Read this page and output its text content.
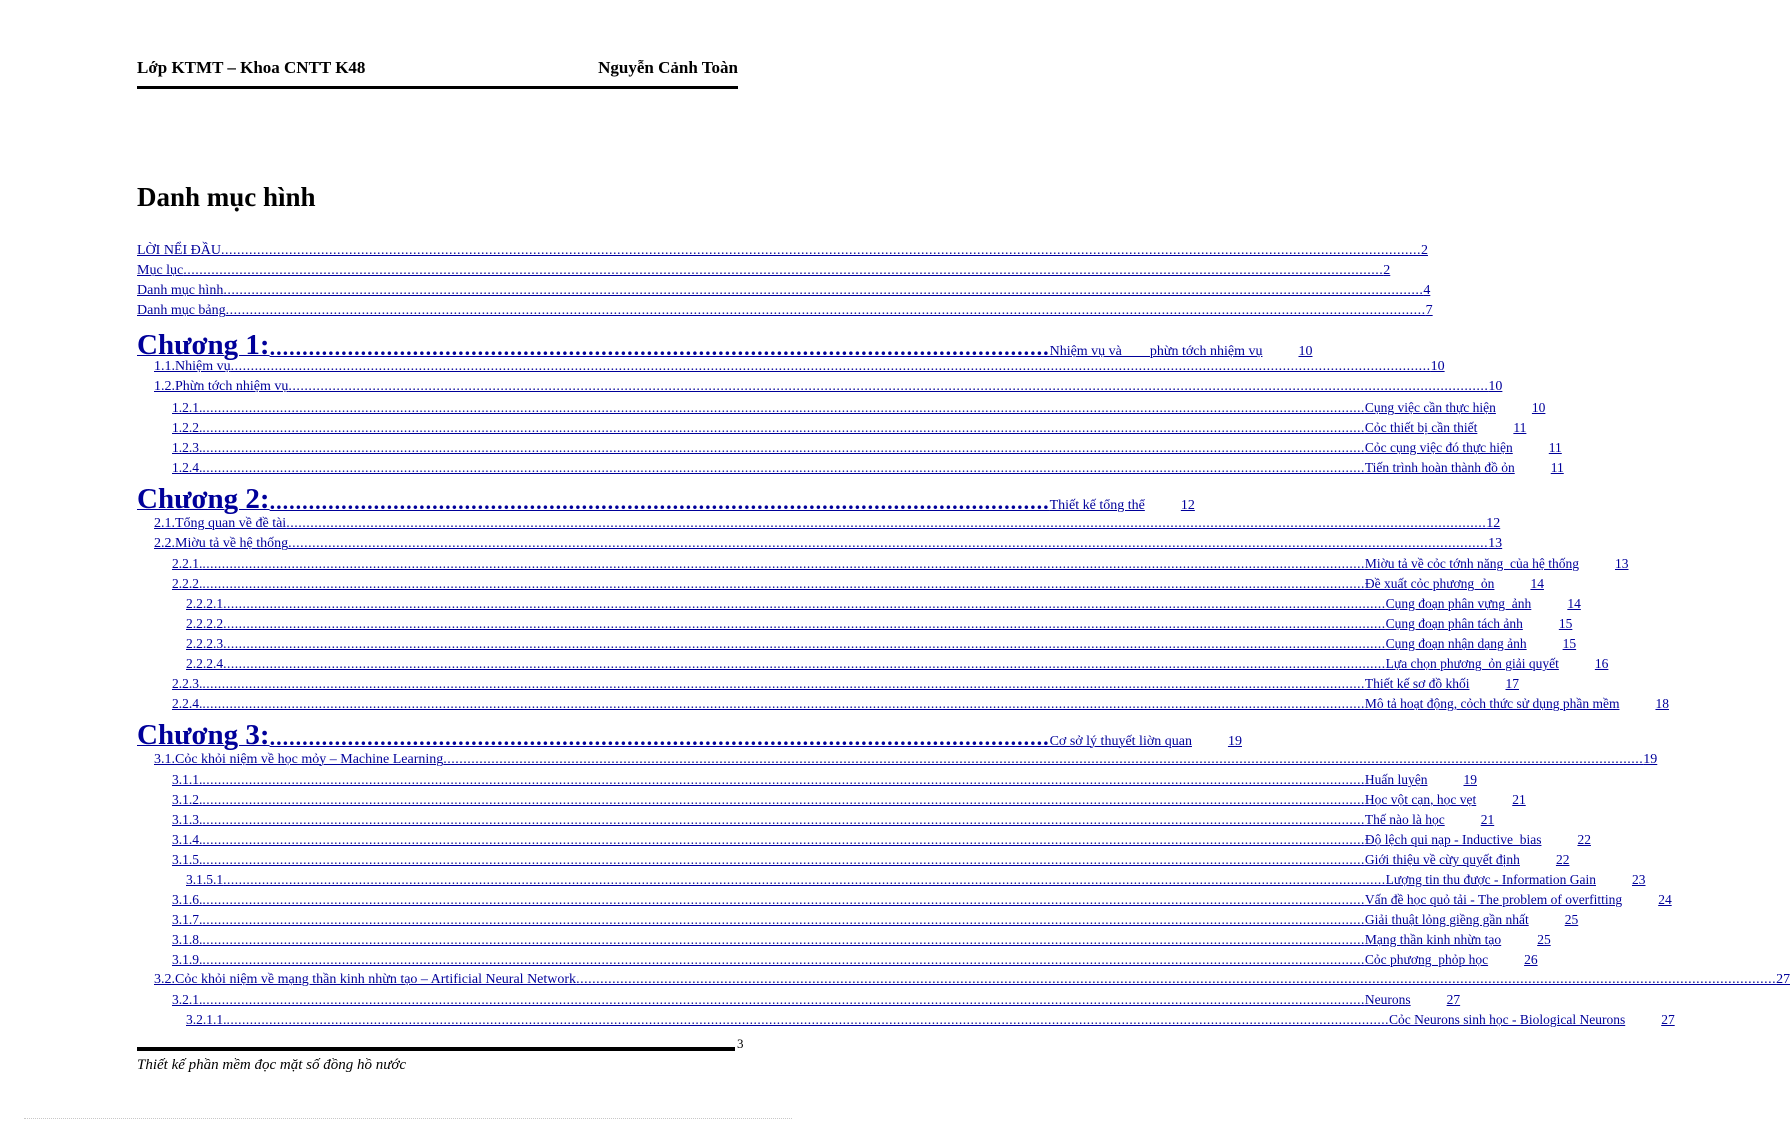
Lớp KTMT – Khoa CNTT K48	Nguyễn Cảnh Toàn
Danh mục hình
LỜI NỂI ĐẦU ............................................................................................................................................................................................................................................................................................................ 2
Mục lục ............................................................................................................................................................................................................................................................................................................ 2
Danh mục hình ............................................................................................................................................................................................................................................................................................................ 4
Danh mục bảng ............................................................................................................................................................................................................................................................................................................ 7
Chương 1: ........................................................................................................................ Nhiệm vụ và        phừn tớch nhiệm vụ	10
1.1.Nhiệm vụ ............................................................................................................................................................................................................................................................................................................ 10
1.2.Phừn tớch nhiệm vụ ............................................................................................................................................................................................................................................................................................................ 10
1.2.1. ............................................................................................................................................................................................................................................................................................................ Cụng việc cần thực hiện	10
1.2.2. ............................................................................................................................................................................................................................................................................................................ Cỏc thiết bị cần thiết	11
1.2.3. ............................................................................................................................................................................................................................................................................................................ Cỏc cụng việc đó thực hiện	11
1.2.4. ............................................................................................................................................................................................................................................................................................................ Tiến trình hoàn thành đồ ỏn	11
Chương 2: ........................................................................................................................ Thiết kế tổng thể	12
2.1.Tổng quan về đề tài ............................................................................................................................................................................................................................................................................................................ 12
2.2.Miờu tả về hệ thống ............................................................................................................................................................................................................................................................................................................ 13
2.2.1. ............................................................................................................................................................................................................................................................................................................ Miờu tả về cỏc tớnh năng  của hệ thống	13
2.2.2. ............................................................................................................................................................................................................................................................................................................ Đề xuất cỏc phương  ỏn	14
2.2.2.1 ............................................................................................................................................................................................................................................................................................................ Cụng đoạn phân vựng  ảnh	14
2.2.2.2 ............................................................................................................................................................................................................................................................................................................ Cụng đoạn phân tách ảnh	15
2.2.2.3 ............................................................................................................................................................................................................................................................................................................ Cụng đoạn nhận dạng ảnh	15
2.2.2.4 ............................................................................................................................................................................................................................................................................................................ Lựa chọn phương  ỏn giải quyết	16
2.2.3. ............................................................................................................................................................................................................................................................................................................ Thiết kế sơ đồ khối	17
2.2.4. ............................................................................................................................................................................................................................................................................................................ Mô tả hoạt động, cỏch thức sử dụng phần mềm	18
Chương 3: ........................................................................................................................ Cơ sở lý thuyết liờn quan	19
3.1.Cỏc khỏi niệm về học mỏy – Machine Learning ............................................................................................................................................................................................................................................................................................................ 19
3.1.1. ............................................................................................................................................................................................................................................................................................................ Huấn luyện	19
3.1.2. ............................................................................................................................................................................................................................................................................................................ Học vột cạn, học vẹt	21
3.1.3. ............................................................................................................................................................................................................................................................................................................ Thế nào là học	21
3.1.4. ............................................................................................................................................................................................................................................................................................................ Độ lệch qui nạp - Inductive  bias	22
3.1.5. ............................................................................................................................................................................................................................................................................................................ Giới thiệu về cừy quyết định	22
3.1.5.1 ............................................................................................................................................................................................................................................................................................................ Lượng tin thu được - Information Gain	23
3.1.6. ............................................................................................................................................................................................................................................................................................................ Vấn đề học quỏ tải - The problem of overfitting	24
3.1.7. ............................................................................................................................................................................................................................................................................................................ Giải thuật lỏng giềng gần nhất	25
3.1.8. ............................................................................................................................................................................................................................................................................................................ Mạng thần kinh nhừn tạo	25
3.1.9. ............................................................................................................................................................................................................................................................................................................ Cỏc phương  phỏp học	26
3.2.Cỏc khỏi niệm về mạng thần kinh nhừn tạo – Artificial Neural Network ............................................................................................................................................................................................................................................................................................................ 27
3.2.1. ............................................................................................................................................................................................................................................................................................................ Neurons	27
3.2.1.1. ............................................................................................................................................................................................................................................................................................................ Cỏc Neurons sinh học - Biological Neurons	27
3
Thiết kế phần mềm đọc mặt số đồng hồ nước
